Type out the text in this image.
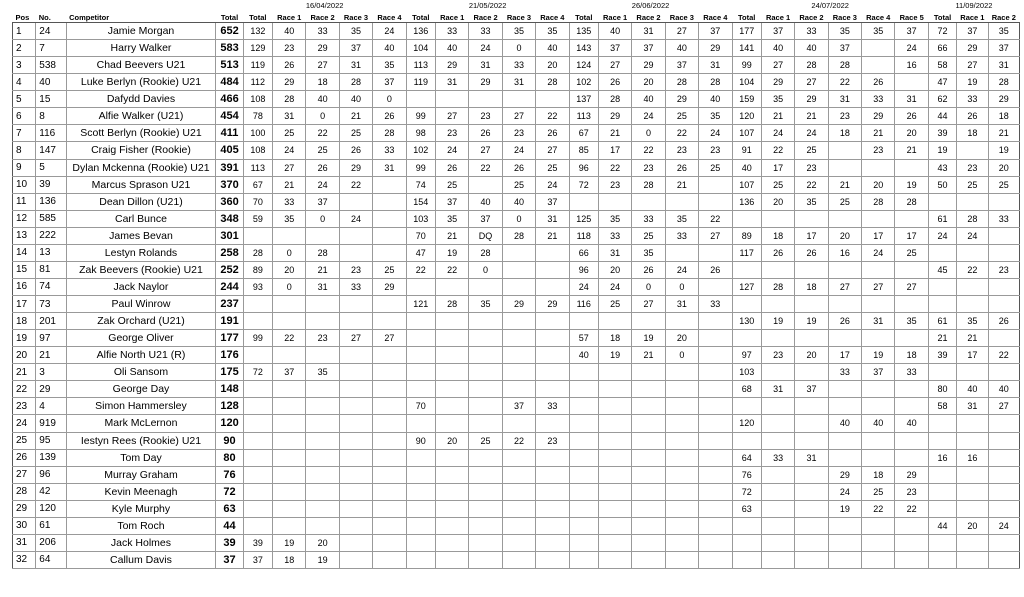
				16/04/2022					21/05/2022					26/06/2022					24/07/2022						11/09/2022		
Pos	No.	Competitor	Total	Total	Race 1	Race 2	Race 3	Race 4	Total	Race 1	Race 2	Race 3	Race 4	Total	Race 1	Race 2	Race 3	Race 4	Total	Race 1	Race 2	Race 3	Race 4	Race 5	Total	Race 1	Race 2
1	24	Jamie Morgan	652	132	40	33	35	24	136	33	33	35	35	135	40	31	27	37	177	37	33	35	35	37	72	37	35
2	7	Harry Walker	583	129	23	29	37	40	104	40	24	0	40	143	37	37	40	29	141	40	40	37		24	66	29	37
3	538	Chad Beevers U21	513	119	26	27	31	35	113	29	31	33	20	124	27	29	37	31	99	27	28	28		16	58	27	31
4	40	Luke Berlyn (Rookie) U21	484	112	29	18	28	37	119	31	29	31	28	102	26	20	28	28	104	29	27	22	26		47	19	28
5	15	Dafydd Davies	466	108	28	40	40	0						137	28	40	29	40	159	35	29	31	33	31	62	33	29
6	8	Alfie Walker (U21)	454	78	31	0	21	26	99	27	23	27	22	113	29	24	25	35	120	21	21	23	29	26	44	26	18
7	116	Scott Berlyn (Rookie) U21	411	100	25	22	25	28	98	23	26	23	26	67	21	0	22	24	107	24	24	18	21	20	39	18	21
8	147	Craig Fisher (Rookie)	405	108	24	25	26	33	102	24	27	24	27	85	17	22	23	23	91	22	25		23	21	19		19
9	5	Dylan Mckenna (Rookie) U21	391	113	27	26	29	31	99	26	22	26	25	96	22	23	26	25	40	17	23				43	23	20
10	39	Marcus Sprason U21	370	67	21	24	22		74	25		25	24	72	23	28	21		107	25	22	21	20	19	50	25	25
11	136	Dean Dillon (U21)	360	70	33	37			154	37	40	40	37						136	20	35	25	28	28			
12	585	Carl Bunce	348	59	35	0	24		103	35	37	0	31	125	35	33	35	22							61	28	33
13	222	James Bevan	301						70	21	DQ	28	21	118	33	25	33	27	89	18	17	20	17	17	24	24	
14	13	Lestyn Rolands	258	28	0	28			47	19	28			66	31	35			117	26	26	16	24	25			
15	81	Zak Beevers (Rookie) U21	252	89	20	21	23	25	22	22	0			96	20	26	24	26							45	22	23
16	74	Jack Naylor	244	93	0	31	33	29						24	24	0	0		127	28	18	27	27	27			
17	73	Paul Winrow	237						121	28	35	29	29	116	25	27	31	33									
18	201	Zak Orchard (U21)	191																130	19	19	26	31	35	61	35	26
19	97	George Oliver	177	99	22	23	27	27						57	18	19	20								21	21	
20	21	Alfie North U21 (R)	176											40	19	21	0		97	23	20	17	19	18	39	17	22
21	3	Oli Sansom	175	72	37	35													103			33	37	33			
22	29	George Day	148																68	31	37				80	40	40
23	4	Simon Hammersley	128						70			37	33												58	31	27
24	919	Mark McLernon	120																120			40	40	40			
25	95	Iestyn Rees (Rookie) U21	90						90	20	25	22	23														
26	139	Tom Day	80																64	33	31				16	16	
27	96	Murray Graham	76																76			29	18	29			
28	42	Kevin Meenagh	72																72			24	25	23			
29	120	Kyle Murphy	63																63			19	22	22			
30	61	Tom Roch	44																						44	20	24
31	206	Jack Holmes	39	39	19	20																					
32	64	Callum Davis	37	37	18	19																					
